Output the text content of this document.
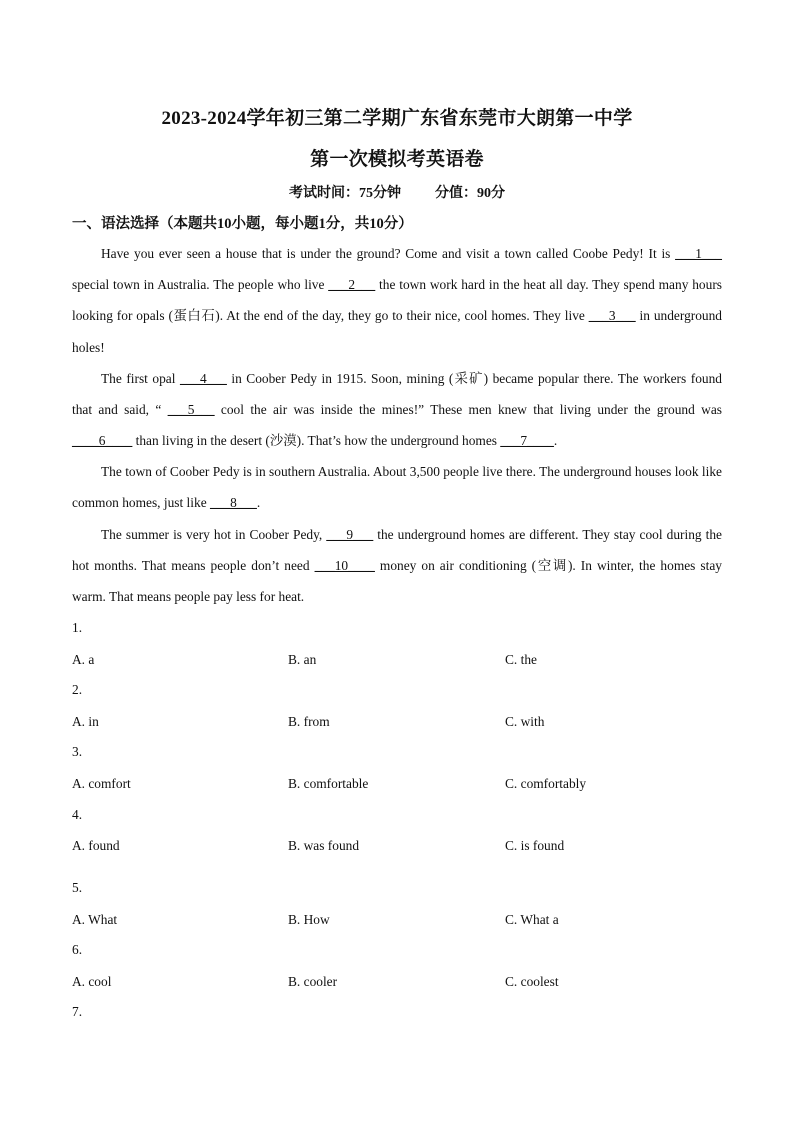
2023-2024学年初三第二学期广东省东莞市大朗第一中学
第一次模拟考英语卷
考试时间：75分钟 分值：90分
一、语法选择（本题共10小题，每小题1分，共10分）

Have you ever seen a house that is under the ground? Come and visit a town called Coobe Pedy! It is ___1___ special town in Australia. The people who live ___2___ the town work hard in the heat all day. They spend many hours looking for opals (蛋白石). At the end of the day, they go to their nice, cool homes. They live ___3___ in underground holes!

The first opal ___4___ in Coober Pedy in 1915. Soon, mining (采矿) became popular there. The workers found that and said, “ ___5___ cool the air was inside the mines!” These men knew that living under the ground was ____6____ than living in the desert (沙漠). That’s how the underground homes ___7____.

The town of Coober Pedy is in southern Australia. About 3,500 people live there. The underground houses look like common homes, just like ___8___.

The summer is very hot in Coober Pedy, ___9___ the underground homes are different. They stay cool during the hot months. That means people don’t need ___10____ money on air conditioning (空调). In winter, the homes stay warm. That means people pay less for heat.

1.
A. a	B. an	C. the
2.
A. in	B. from	C. with
3.
A. comfort	B. comfortable	C. comfortably
4.
A. found	B. was found	C. is found
5.
A. What	B. How	C. What a
6.
A. cool	B. cooler	C. coolest
7.
